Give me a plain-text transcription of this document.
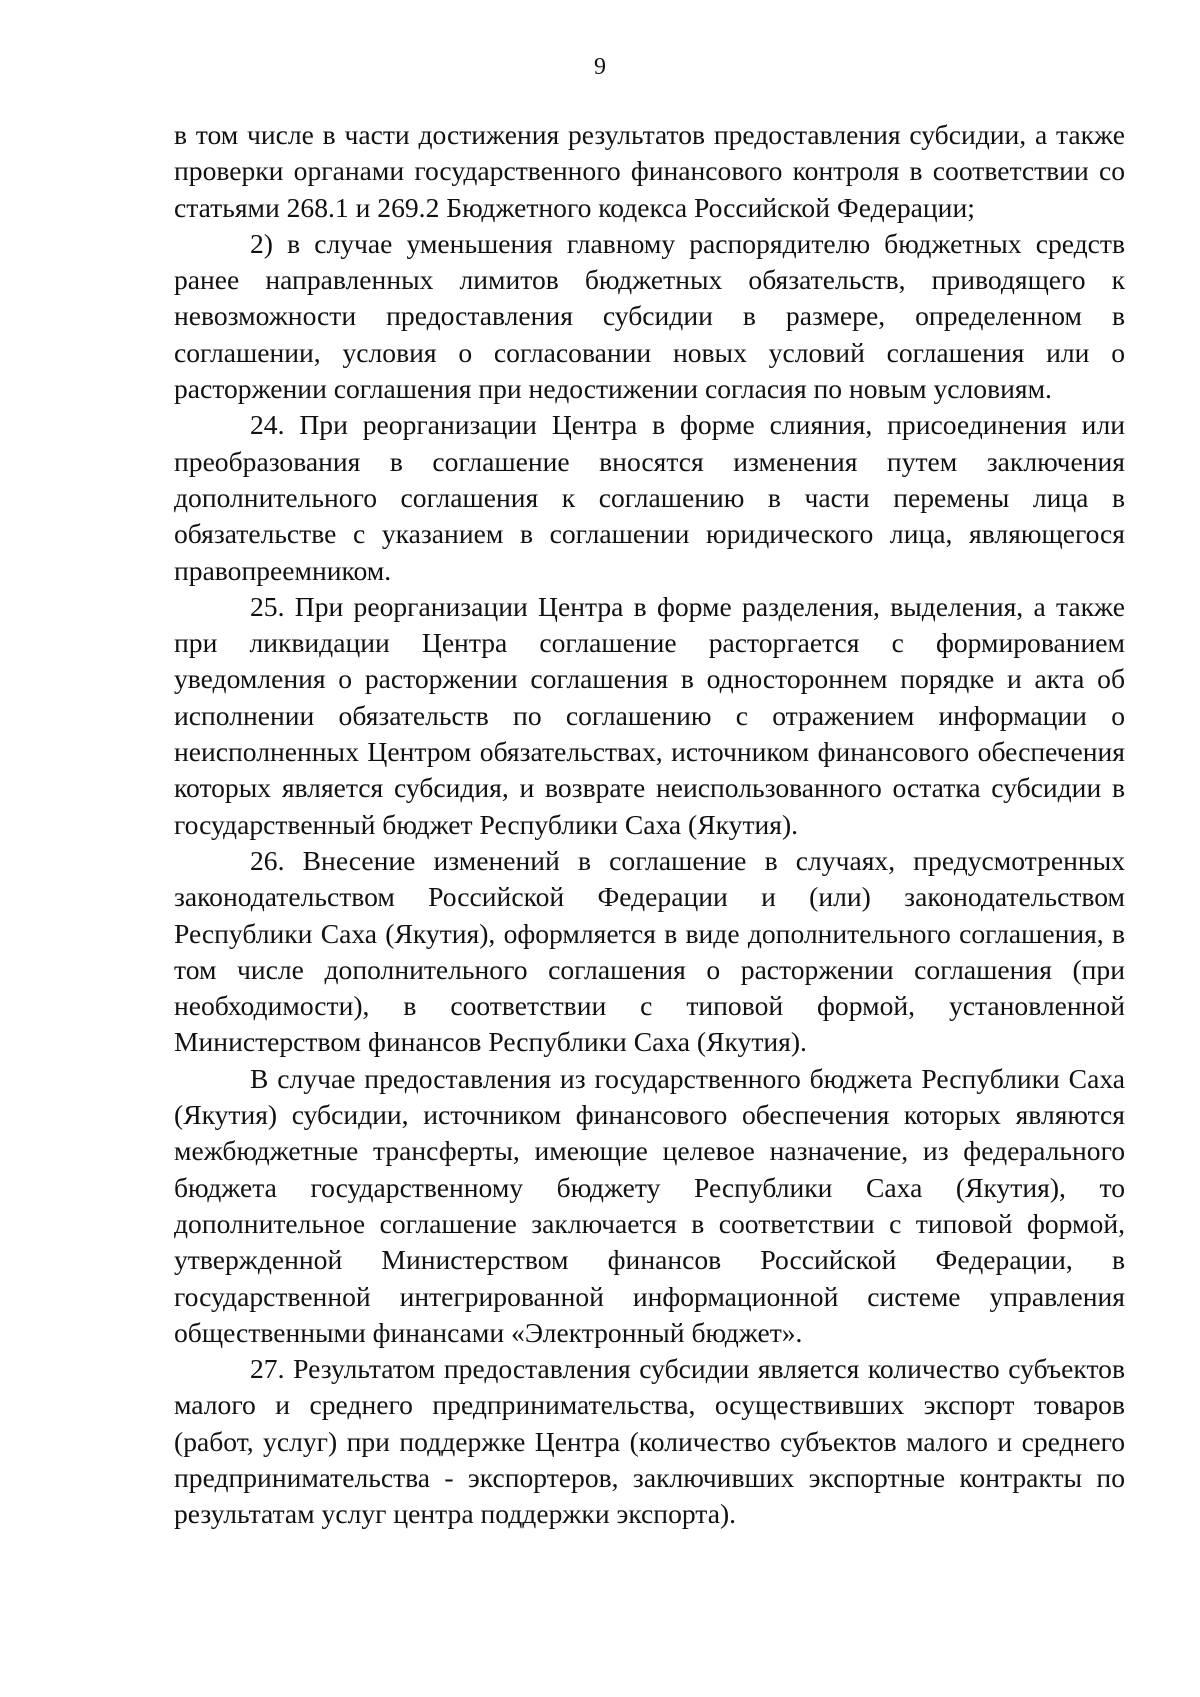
9

в том числе в части достижения результатов предоставления субсидии, а также проверки органами государственного финансового контроля в соответствии со статьями 268.1 и 269.2 Бюджетного кодекса Российской Федерации;

2) в случае уменьшения главному распорядителю бюджетных средств ранее направленных лимитов бюджетных обязательств, приводящего к невозможности предоставления субсидии в размере, определенном в соглашении, условия о согласовании новых условий соглашения или о расторжении соглашения при недостижении согласия по новым условиям.

24. При реорганизации Центра в форме слияния, присоединения или преобразования в соглашение вносятся изменения путем заключения дополнительного соглашения к соглашению в части перемены лица в обязательстве с указанием в соглашении юридического лица, являющегося правопреемником.

25. При реорганизации Центра в форме разделения, выделения, а также при ликвидации Центра соглашение расторгается с формированием уведомления о расторжении соглашения в одностороннем порядке и акта об исполнении обязательств по соглашению с отражением информации о неисполненных Центром обязательствах, источником финансового обеспечения которых является субсидия, и возврате неиспользованного остатка субсидии в государственный бюджет Республики Саха (Якутия).

26. Внесение изменений в соглашение в случаях, предусмотренных законодательством Российской Федерации и (или) законодательством Республики Саха (Якутия), оформляется в виде дополнительного соглашения, в том числе дополнительного соглашения о расторжении соглашения (при необходимости), в соответствии с типовой формой, установленной Министерством финансов Республики Саха (Якутия).

В случае предоставления из государственного бюджета Республики Саха (Якутия) субсидии, источником финансового обеспечения которых являются межбюджетные трансферты, имеющие целевое назначение, из федерального бюджета государственному бюджету Республики Саха (Якутия), то дополнительное соглашение заключается в соответствии с типовой формой, утвержденной Министерством финансов Российской Федерации, в государственной интегрированной информационной системе управления общественными финансами «Электронный бюджет».

27. Результатом предоставления субсидии является количество субъектов малого и среднего предпринимательства, осуществивших экспорт товаров (работ, услуг) при поддержке Центра (количество субъектов малого и среднего предпринимательства - экспортеров, заключивших экспортные контракты по результатам услуг центра поддержки экспорта).
